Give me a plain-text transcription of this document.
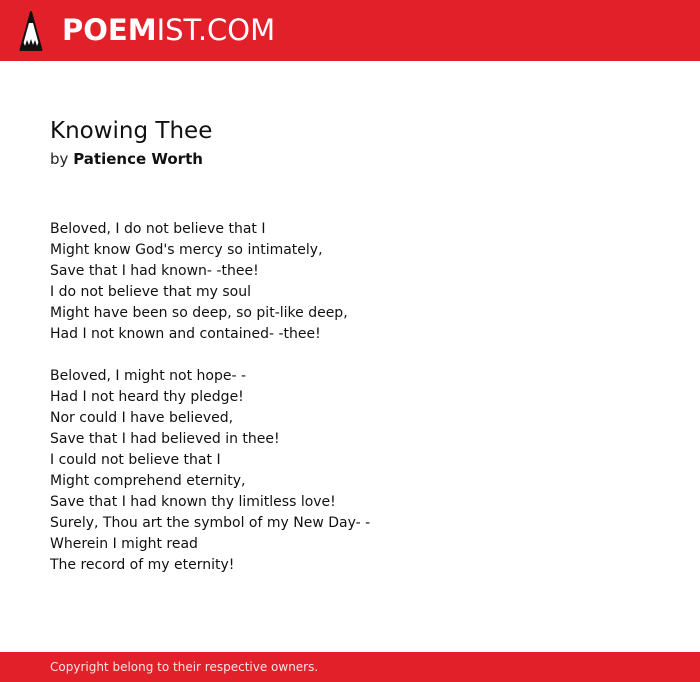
POEMIST.COM
Knowing Thee
by Patience Worth
Beloved, I do not believe that I
Might know God's mercy so intimately,
Save that I had known- -thee!
I do not believe that my soul
Might have been so deep, so pit-like deep,
Had I not known and contained- -thee!
Beloved, I might not hope- -
Had I not heard thy pledge!
Nor could I have believed,
Save that I had believed in thee!
I could not believe that I
Might comprehend eternity,
Save that I had known thy limitless love!
Surely, Thou art the symbol of my New Day- -
Wherein I might read
The record of my eternity!
Copyright belong to their respective owners.
